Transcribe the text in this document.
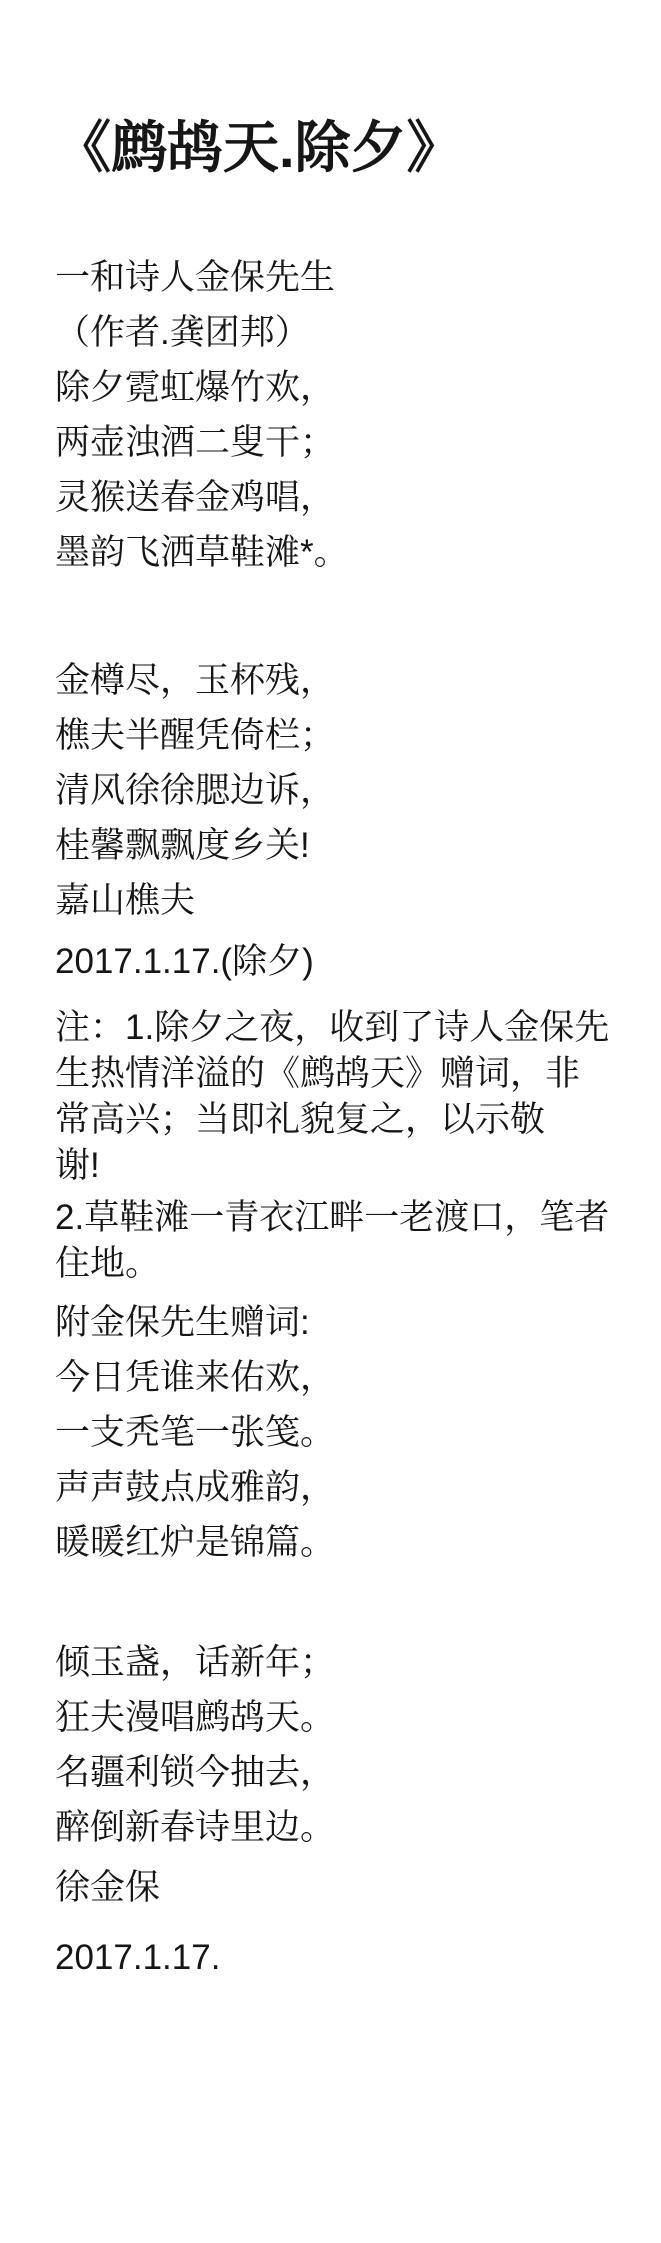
《鹧鸪天.除夕》
一和诗人金保先生
（作者.龚团邦）
除夕霓虹爆竹欢，
两壶浊酒二叟干；
灵猴送春金鸡唱，
墨韵飞洒草鞋滩*。
金樽尽，玉杯残，
樵夫半醒凭倚栏；
清风徐徐腮边诉，
桂馨飘飘度乡关!
嘉山樵夫
2017.1.17.(除夕)
注：1.除夕之夜，收到了诗人金保先
生热情洋溢的《鹧鸪天》赠词，非
常高兴；当即礼貌复之，以示敬
谢!
2.草鞋滩一青衣江畔一老渡口，笔者
住地。
附金保先生赠词:
今日凭谁来佑欢，
一支秃笔一张笺。
声声鼓点成雅韵，
暖暖红炉是锦篇。
倾玉盏，话新年；
狂夫漫唱鹧鸪天。
名疆利锁今抽去，
醉倒新春诗里边。
徐金保
2017.1.17.
